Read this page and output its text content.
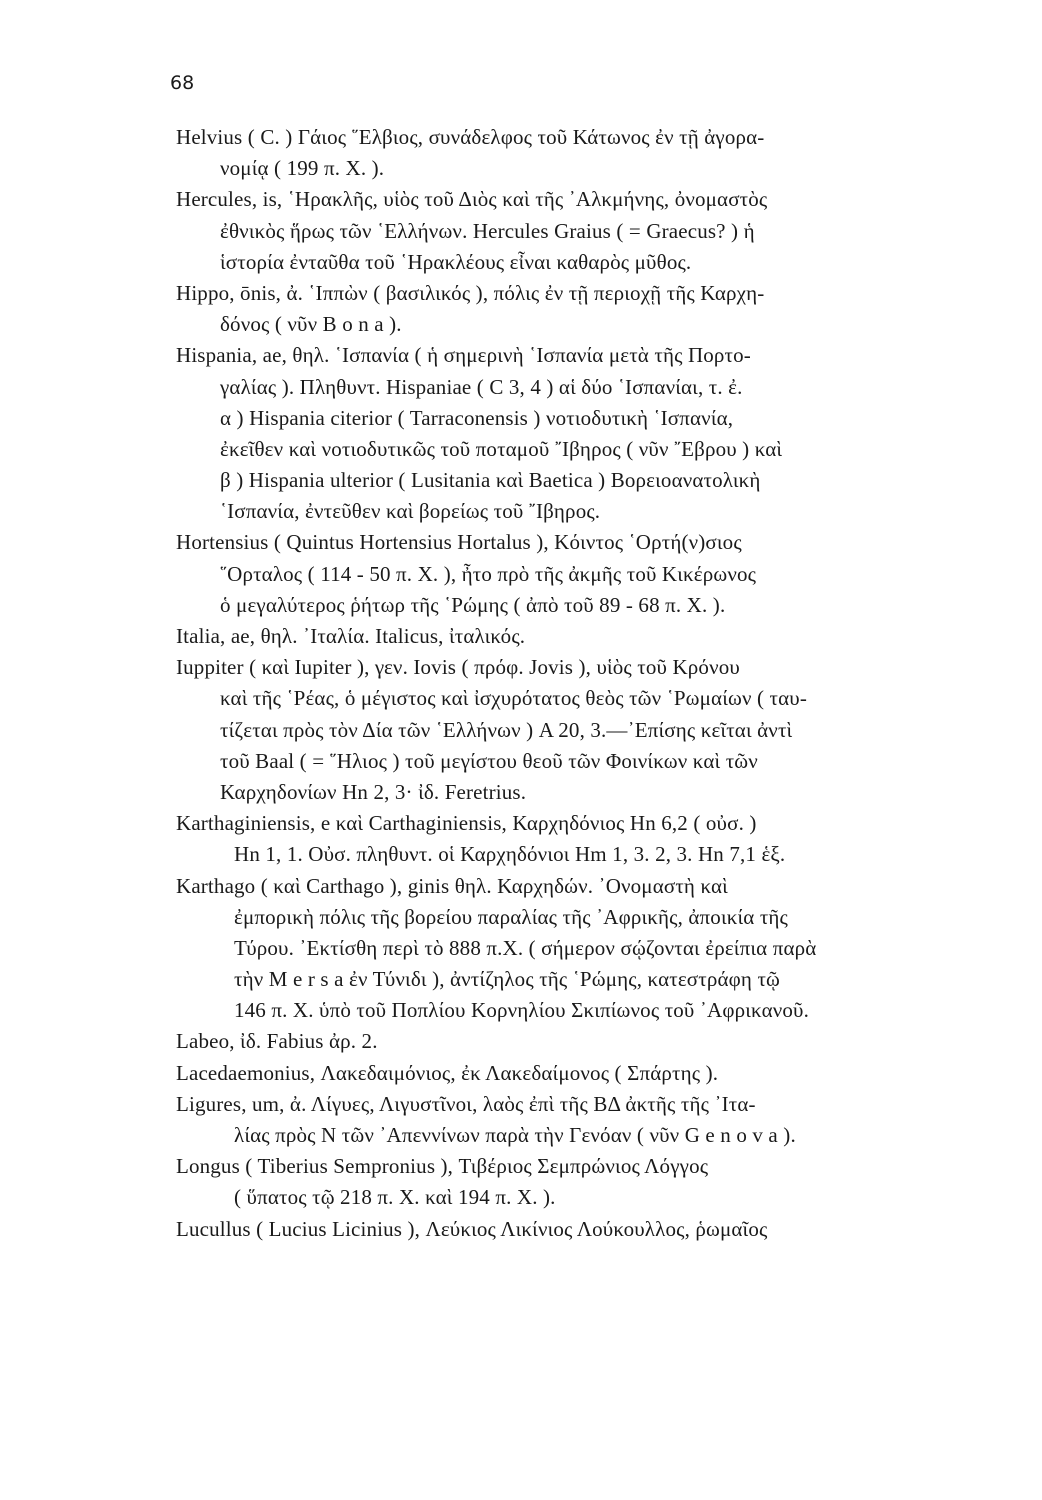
68
Helvius ( C. ) Γάιος ῞Ελβιος, συνάδελφος τοῦ Κάτωνος ἐν τῇ ἀγορα-
νομίᾳ ( 199 π. Χ. ).
Hercules, is, ῾Ηρακλῆς, υἱὸς τοῦ Διὸς καὶ τῆς ᾿Αλκμήνης, ὀνομαστὸς
ἐθνικὸς ἥρως τῶν ῾Ελλήνων. Hercules Graius ( = Graecus? ) ἡ
ἱστορία ἐνταῦθα τοῦ ῾Ηρακλέους εἶναι καθαρὸς μῦθος.
Hippo, ōnis, ἀ. ῾Ιππὼν ( βασιλικός ), πόλις ἐν τῇ περιοχῇ τῆς Καρχη-
δόνος ( νῦν B o n a ).
Hispania, ae, θηλ. ῾Ισπανία ( ἡ σημερινὴ ῾Ισπανία μετὰ τῆς Πορτο-
γαλίας ). Πληθυντ. Hispaniae ( C 3, 4 ) αἱ δύο ῾Ισπανίαι, τ. ἐ.
α ) Hispania citerior ( Tarraconensis ) νοτιοδυτικὴ ῾Ισπανία,
ἐκεῖθεν καὶ νοτιοδυτικῶς τοῦ ποταμοῦ ῎Ιβηρος ( νῦν ῎Εβρου ) καὶ
β ) Hispania ulterior ( Lusitania καὶ Baetica ) Βορειοανατολικὴ
῾Ισπανία, ἐντεῦθεν καὶ βορείως τοῦ ῎Ιβηρος.
Hortensius ( Quintus Hortensius Hortalus ), Κόιντος ῾Ορτή(ν)σιος
῞Ορταλος ( 114 - 50 π. Χ. ), ἦτο πρὸ τῆς ἀκμῆς τοῦ Κικέρωνος
ὁ μεγαλύτερος ῥήτωρ τῆς ῾Ρώμης ( ἀπὸ τοῦ 89 - 68 π. Χ. ).
Italia, ae, θηλ. ᾿Ιταλία. Italicus, ἰταλικός.
Iuppiter ( καὶ Iupiter ), γεν. Iovis ( πρόφ. Jovis ), υἱὸς τοῦ Κρόνου
καὶ τῆς ῾Ρέας, ὁ μέγιστος καὶ ἰσχυρότατος θεὸς τῶν ῾Ρωμαίων ( ταυ-
τίζεται πρὸς τὸν Δία τῶν ῾Ελλήνων ) A 20, 3.—᾿Επίσης κεῖται ἀντὶ
τοῦ Baal ( = ῞Ηλιος ) τοῦ μεγίστου θεοῦ τῶν Φοινίκων καὶ τῶν
Καρχηδονίων Hn 2, 3· ἰδ. Feretrius.
Karthaginiensis, e καὶ Carthaginiensis, Καρχηδόνιος Hn 6,2 ( οὐσ. )
Hn 1, 1. Οὐσ. πληθυντ. οἱ Καρχηδόνιοι Hm 1, 3. 2, 3. Hn 7,1 ἑξ.
Karthago ( καὶ Carthago ), ginis θηλ. Καρχηδών. ᾿Ονομαστὴ καὶ
ἐμπορικὴ πόλις τῆς βορείου παραλίας τῆς ᾿Αφρικῆς, ἀποικία τῆς
Τύρου. ᾿Εκτίσθη περὶ τὸ 888 π.Χ. ( σήμερον σῴζονται ἐρείπια παρὰ
τὴν M e r s a ἐν Τύνιδι ), ἀντίζηλος τῆς ῾Ρώμης, κατεστράφη τῷ
146 π. Χ. ὑπὸ τοῦ Ποπλίου Κορνηλίου Σκιπίωνος τοῦ ᾿Αφρικανοῦ.
Labeo, ἰδ. Fabius ἀρ. 2.
Lacedaemonius, Λακεδαιμόνιος, ἐκ Λακεδαίμονος ( Σπάρτης ).
Ligures, um, ἀ. Λίγυες, Λιγυστῖνοι, λαὸς ἐπὶ τῆς ΒΔ ἀκτῆς τῆς ᾿Ιτα-
λίας πρὸς Ν τῶν ᾿Απεννίνων παρὰ τὴν Γενόαν ( νῦν G e n o v a ).
Longus ( Tiberius Sempronius ), Τιβέριος Σεμπρώνιος Λόγγος
( ὕπατος τῷ 218 π. Χ. καὶ 194 π. Χ. ).
Lucullus ( Lucius Licinius ), Λεύκιος Λικίνιος Λούκουλλος, ῥωμαῖος
